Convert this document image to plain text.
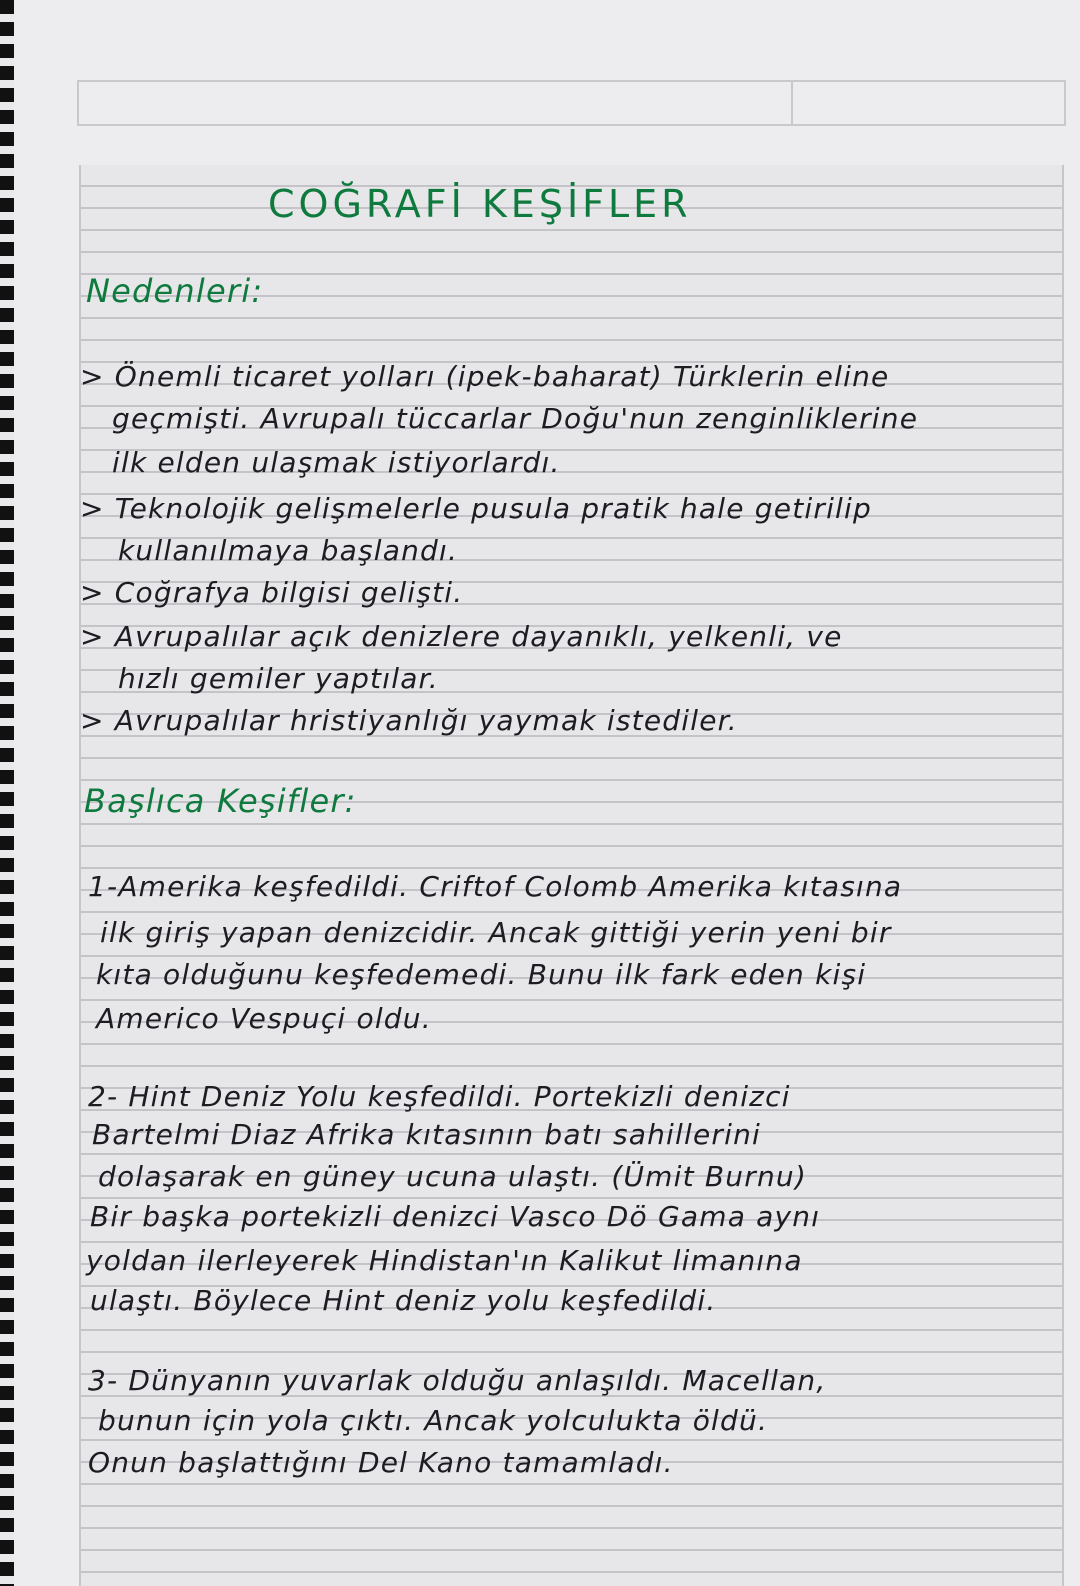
COĞRAFİ KEŞİFLER
Nedenleri:
Başlıca Keşifler:
> Önemli ticaret yolları (ipek-baharat) Türklerin eline
geçmişti. Avrupalı tüccarlar Doğu'nun zenginliklerine
ilk elden ulaşmak istiyorlardı.
> Teknolojik gelişmelerle pusula pratik hale getirilip
kullanılmaya başlandı.
> Coğrafya bilgisi gelişti.
> Avrupalılar açık denizlere dayanıklı, yelkenli, ve
hızlı gemiler yaptılar.
> Avrupalılar hristiyanlığı yaymak istediler.
1-Amerika keşfedildi. Criftof Colomb Amerika kıtasına
ilk giriş yapan denizcidir. Ancak gittiği yerin yeni bir
kıta olduğunu keşfedemedi. Bunu ilk fark eden kişi
Americo Vespuçi oldu.
2- Hint Deniz Yolu keşfedildi. Portekizli denizci
Bartelmi Diaz Afrika kıtasının batı sahillerini
dolaşarak en güney ucuna ulaştı. (Ümit Burnu)
Bir başka portekizli denizci Vasco Dö Gama aynı
yoldan ilerleyerek Hindistan'ın Kalikut limanına
ulaştı. Böylece Hint deniz yolu keşfedildi.
3- Dünyanın yuvarlak olduğu anlaşıldı. Macellan,
bunun için yola çıktı. Ancak yolculukta öldü.
Onun başlattığını Del Kano tamamladı.
